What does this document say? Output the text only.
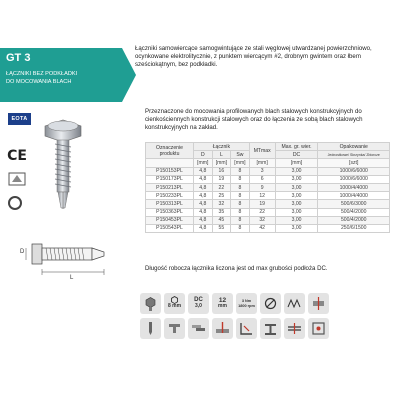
GT 3
ŁĄCZNIKI BEZ PODKŁADKI
DO MOCOWANIA BLACH
Łączniki samowiercące samogwintujące ze stali węglowej utwardzanej powierzchniowo, ocynkowane elektrolitycznie, z punktem wiercącym #2, drobnym gwintem oraz łbem sześciokątnym, bez podkładki.
Przeznaczone do mocowania profilowanych blach stalowych konstrukcyjnych do cienkościennych konstrukcji stalowych oraz do łączenia ze sobą blach stalowych konstrukcyjnych na zakład.
EOTA
CE
D
L
Oznaczenie produktu	Łącznik			MTmax	Max. gr. wier.	Opakowanie
	D	L	Sw		DC	Jednostkowe/ Skrzynka/ Zbiorcze
	[mm]	[mm]	[mm]	[mm]	[mm]	[szt]
P150153PL	4,8	16	8	3	3,00	1000/6/6000
P150173PL	4,8	19	8	6	3,00	1000/6/6000
P150213PL	4,8	22	8	9	3,00	1000/4/4000
P150233PL	4,8	25	8	12	3,00	1000/4/4000
P150313PL	4,8	32	8	19	3,00	500/6/3000
P150363PL	4,8	35	8	22	3,00	500/4/2000
P150453PL	4,8	45	8	32	3,00	500/4/2000
P150543PL	4,8	55	8	42	3,00	250/6/1500
Długość robocza łącznika liczona jest od max grubości podłoża DC.
⬡
8 mm
DC
3,0
12
mm
3 Nm
1800 rpm
